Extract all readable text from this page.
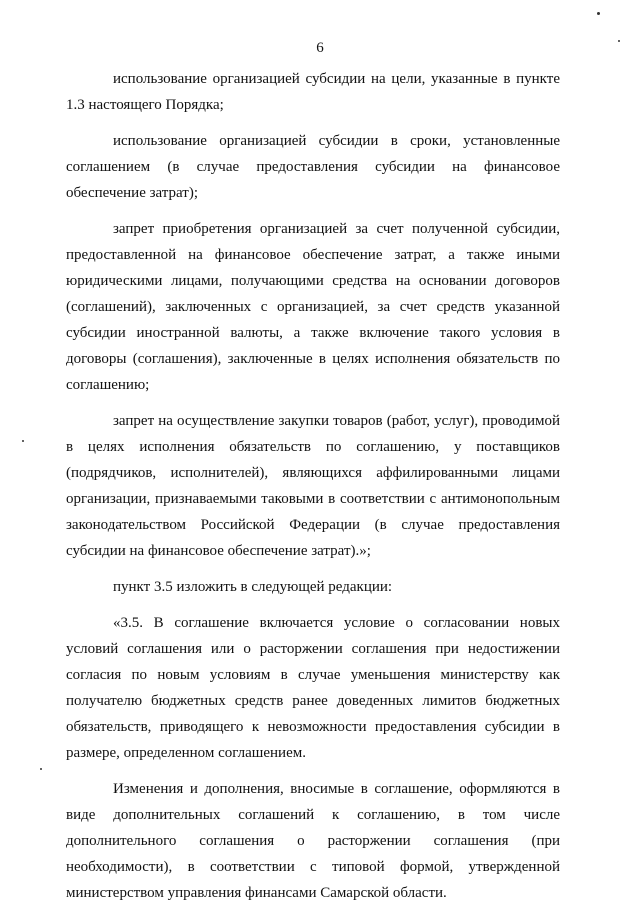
6

использование организацией субсидии на цели, указанные в пункте 1.3 настоящего Порядка;

использование организацией субсидии в сроки, установленные соглашением (в случае предоставления субсидии на финансовое обеспечение затрат);

запрет приобретения организацией за счет полученной субсидии, предоставленной на финансовое обеспечение затрат, а также иными юридическими лицами, получающими средства на основании договоров (соглашений), заключенных с организацией, за счет средств указанной субсидии иностранной валюты, а также включение такого условия в договоры (соглашения), заключенные в целях исполнения обязательств по соглашению;

запрет на осуществление закупки товаров (работ, услуг), проводимой в целях исполнения обязательств по соглашению, у поставщиков (подрядчиков, исполнителей), являющихся аффилированными лицами организации, признаваемыми таковыми в соответствии с антимонопольным законодательством Российской Федерации (в случае предоставления субсидии на финансовое обеспечение затрат).»;

пункт 3.5 изложить в следующей редакции:

«3.5. В соглашение включается условие о согласовании новых условий соглашения или о расторжении соглашения при недостижении согласия по новым условиям в случае уменьшения министерству как получателю бюджетных средств ранее доведенных лимитов бюджетных обязательств, приводящего к невозможности предоставления субсидии в размере, определенном соглашением.

Изменения и дополнения, вносимые в соглашение, оформляются в виде дополнительных соглашений к соглашению, в том числе дополнительного соглашения о расторжении соглашения (при необходимости), в соответствии с типовой формой, утвержденной министерством управления финансами Самарской области.
